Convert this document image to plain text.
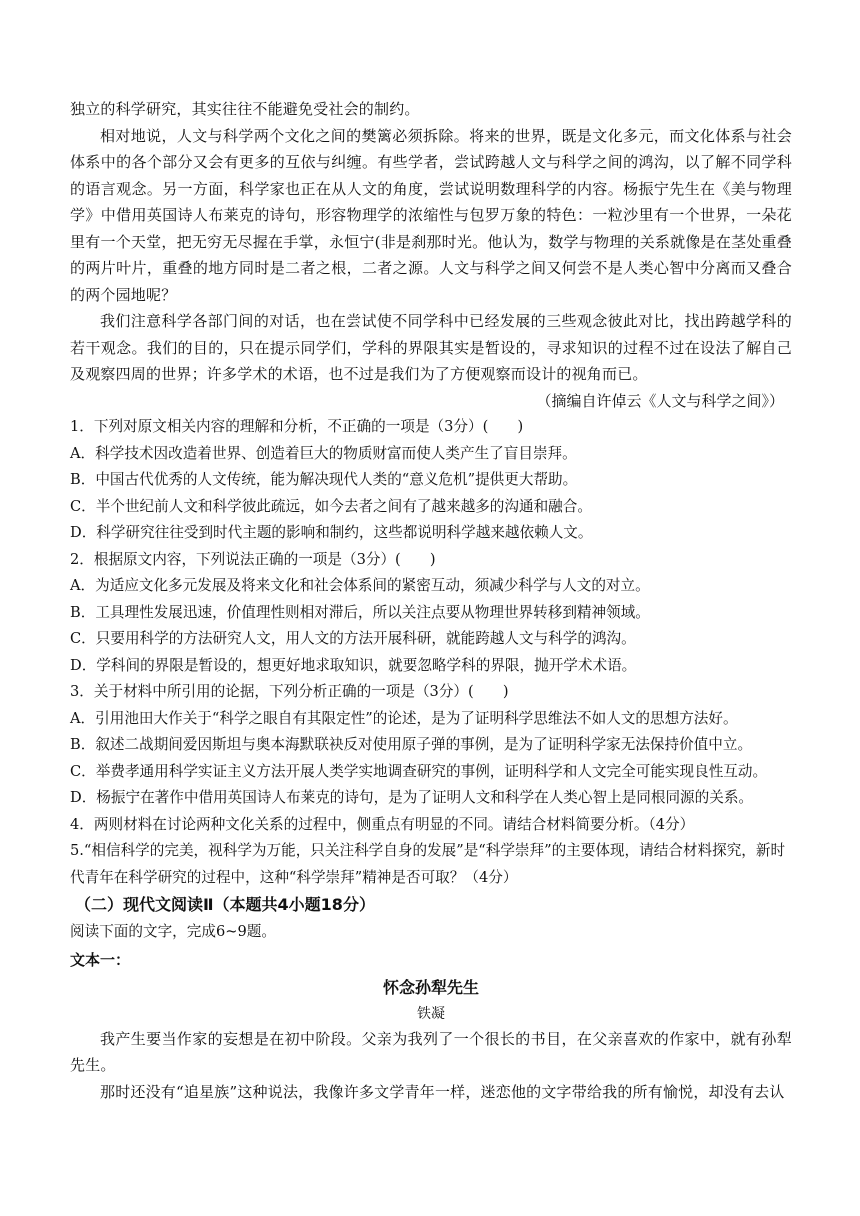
独立的科学研究，其实往往不能避免受社会的制约。

相对地说，人文与科学两个文化之间的樊篱必须拆除。将来的世界，既是文化多元，而文化体系与社会体系中的各个部分又会有更多的互依与纠缠。有些学者，尝试跨越人文与科学之间的鸿沟，以了解不同学科的语言观念。另一方面，科学家也正在从人文的角度，尝试说明数理科学的内容。杨振宁先生在《美与物理学》中借用英国诗人布莱克的诗句，形容物理学的浓缩性与包罗万象的特色：一粒沙里有一个世界，一朵花里有一个天堂，把无穷无尽握在手掌，永恒宁(非是刹那时光。他认为，数学与物理的关系就像是在茎处重叠的两片叶片，重叠的地方同时是二者之根，二者之源。人文与科学之间又何尝不是人类心智中分离而又叠合的两个园地呢？

我们注意科学各部门间的对话，也在尝试使不同学科中已经发展的三些观念彼此对比，找出跨越学科的若干观念。我们的目的，只在提示同学们，学科的界限其实是暂设的，寻求知识的过程不过在设法了解自己及观察四周的世界；许多学术的术语，也不过是我们为了方便观察而设计的视角而已。

（摘编自许倬云《人文与科学之间》）

1．下列对原文相关内容的理解和分析，不正确的一项是（3分）(　　)

A．科学技术因改造着世界、创造着巨大的物质财富而使人类产生了盲目崇拜。

B．中国古代优秀的人文传统，能为解决现代人类的“意义危机”提供更大帮助。

C．半个世纪前人文和科学彼此疏远，如今去者之间有了越来越多的沟通和融合。

D．科学研究往往受到时代主题的影响和制约，这些都说明科学越来越依赖人文。

2．根据原文内容，下列说法正确的一项是（3分）(　　)

A．为适应文化多元发展及将来文化和社会体系间的紧密互动，须减少科学与人文的对立。

B．工具理性发展迅速，价值理性则相对滞后，所以关注点要从物理世界转移到精神领域。

C．只要用科学的方法研究人文，用人文的方法开展科研，就能跨越人文与科学的鸿沟。

D．学科间的界限是暂设的，想更好地求取知识，就要忽略学科的界限，抛开学术术语。

3．关于材料中所引用的论据，下列分析正确的一项是（3分）(　　)

A．引用池田大作关于“科学之眼自有其限定性”的论述，是为了证明科学思维法不如人文的思想方法好。

B．叙述二战期间爱因斯坦与奥本海默联袂反对使用原子弹的事例，是为了证明科学家无法保持价值中立。

C．举费孝通用科学实证主义方法开展人类学实地调查研究的事例，证明科学和人文完全可能实现良性互动。

D．杨振宁在著作中借用英国诗人布莱克的诗句，是为了证明人文和科学在人类心智上是同根同源的关系。

4．两则材料在讨论两种文化关系的过程中，侧重点有明显的不同。请结合材料简要分析。（4分）

5.“相信科学的完美，视科学为万能，只关注科学自身的发展”是“科学崇拜”的主要体现，请结合材料探究，新时代青年在科学研究的过程中，这种“科学崇拜”精神是否可取？（4分）

（二）现代文阅读Ⅱ（本题共4小题18分）

阅读下面的文字，完成6~9题。

文本一：

怀念孙犁先生

铁凝

我产生要当作家的妄想是在初中阶段。父亲为我列了一个很长的书目，在父亲喜欢的作家中，就有孙犁先生。

那时还没有“追星族”这种说法，我像许多文学青年一样，迷恋他的文字带给我的所有愉悦，却没有去认
